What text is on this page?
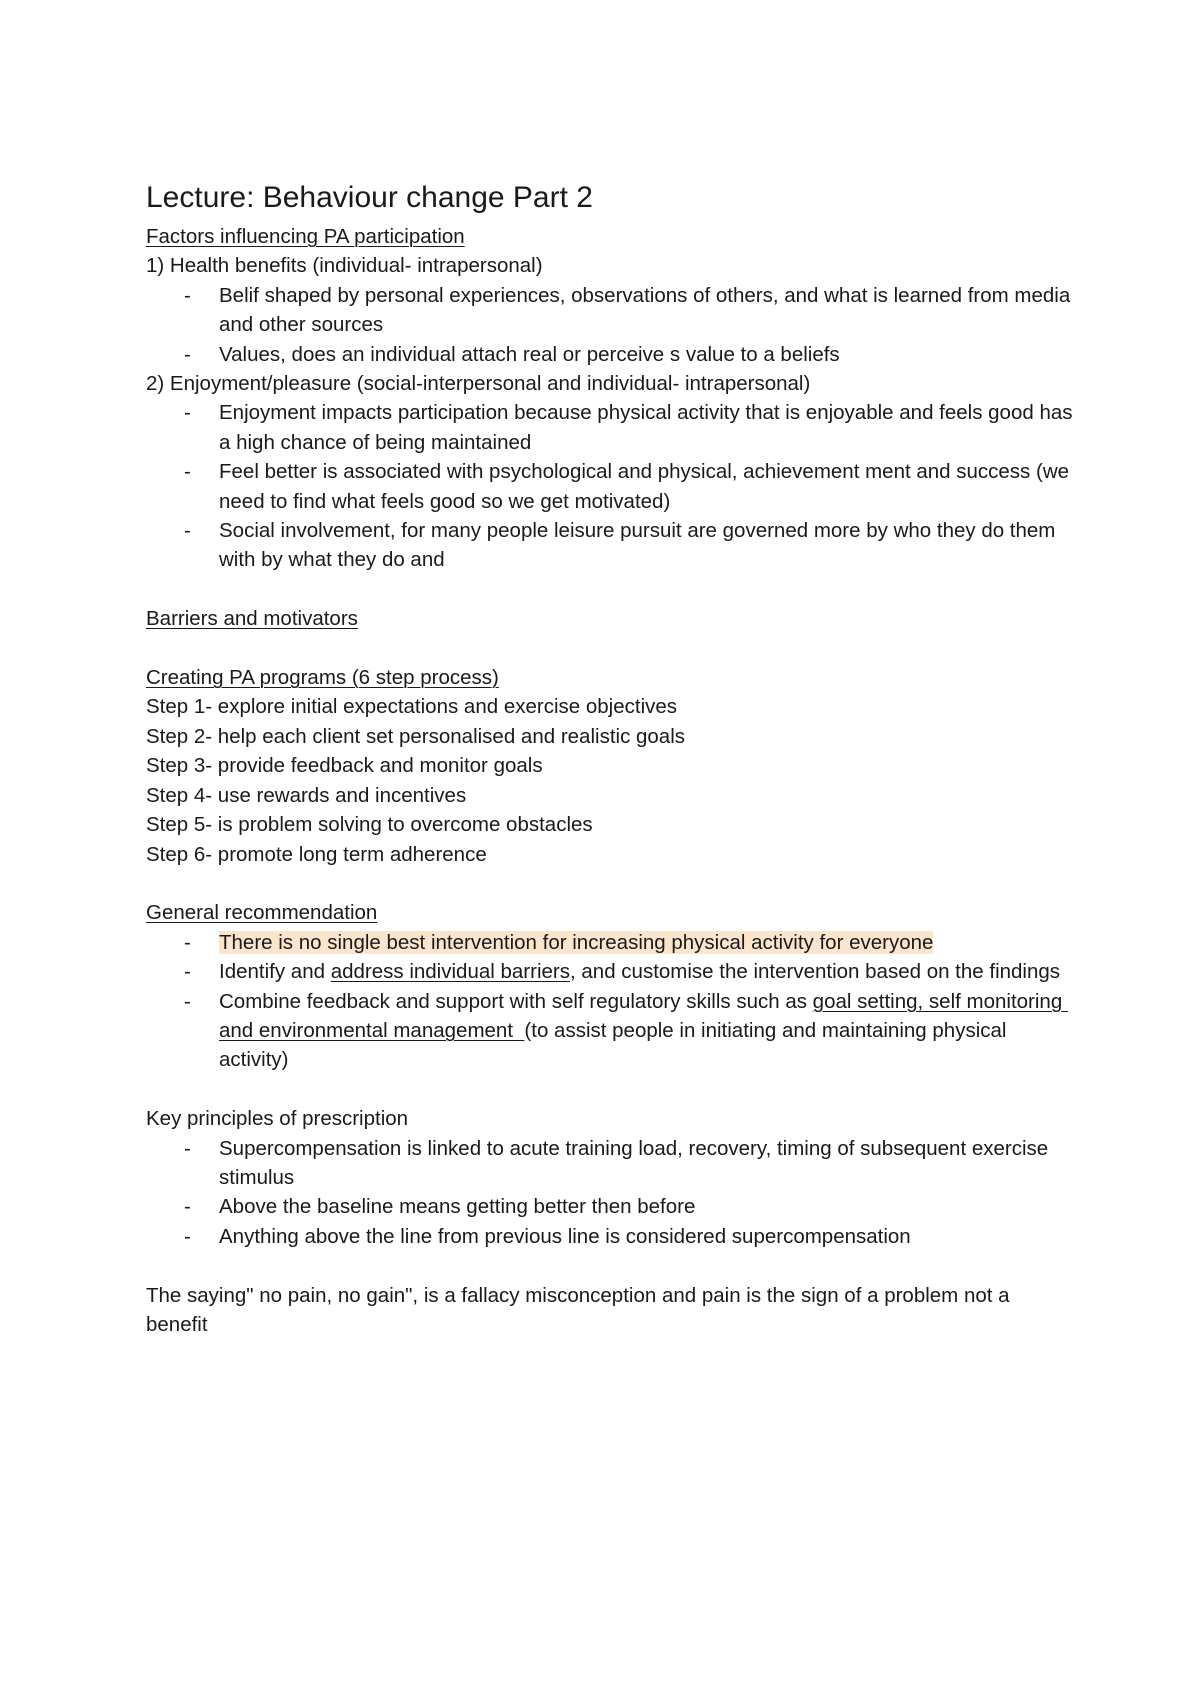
Lecture: Behaviour change Part 2
Factors influencing PA participation
1) Health benefits (individual- intrapersonal)
- Belif shaped by personal experiences, observations of others, and what is learned from media and other sources
- Values, does an individual attach real or perceive s value to a beliefs
2) Enjoyment/pleasure (social-interpersonal and individual- intrapersonal)
- Enjoyment impacts participation because physical activity that is enjoyable and feels good has a high chance of being maintained
- Feel better is associated with psychological and physical, achievement ment and success (we need to find what feels good so we get motivated)
- Social involvement, for many people leisure pursuit are governed more by who they do them with by what they do and
Barriers and motivators
Creating PA programs (6 step process)
Step 1- explore initial expectations and exercise objectives
Step 2- help each client set personalised and realistic goals
Step 3- provide feedback and monitor goals
Step 4- use rewards and incentives
Step 5- is problem solving to overcome obstacles
Step 6- promote long term adherence
General recommendation
- There is no single best intervention for increasing physical activity for everyone
- Identify and address individual barriers, and customise the intervention based on the findings
- Combine feedback and support with self regulatory skills such as goal setting, self monitoring and environmental management  (to assist people in initiating and maintaining physical activity)
Key principles of prescription
- Supercompensation is linked to acute training load, recovery, timing of subsequent exercise stimulus
- Above the baseline means getting better then before
- Anything above the line from previous line is considered supercompensation
The saying" no pain, no gain", is a fallacy misconception and pain is the sign of a problem not a benefit
